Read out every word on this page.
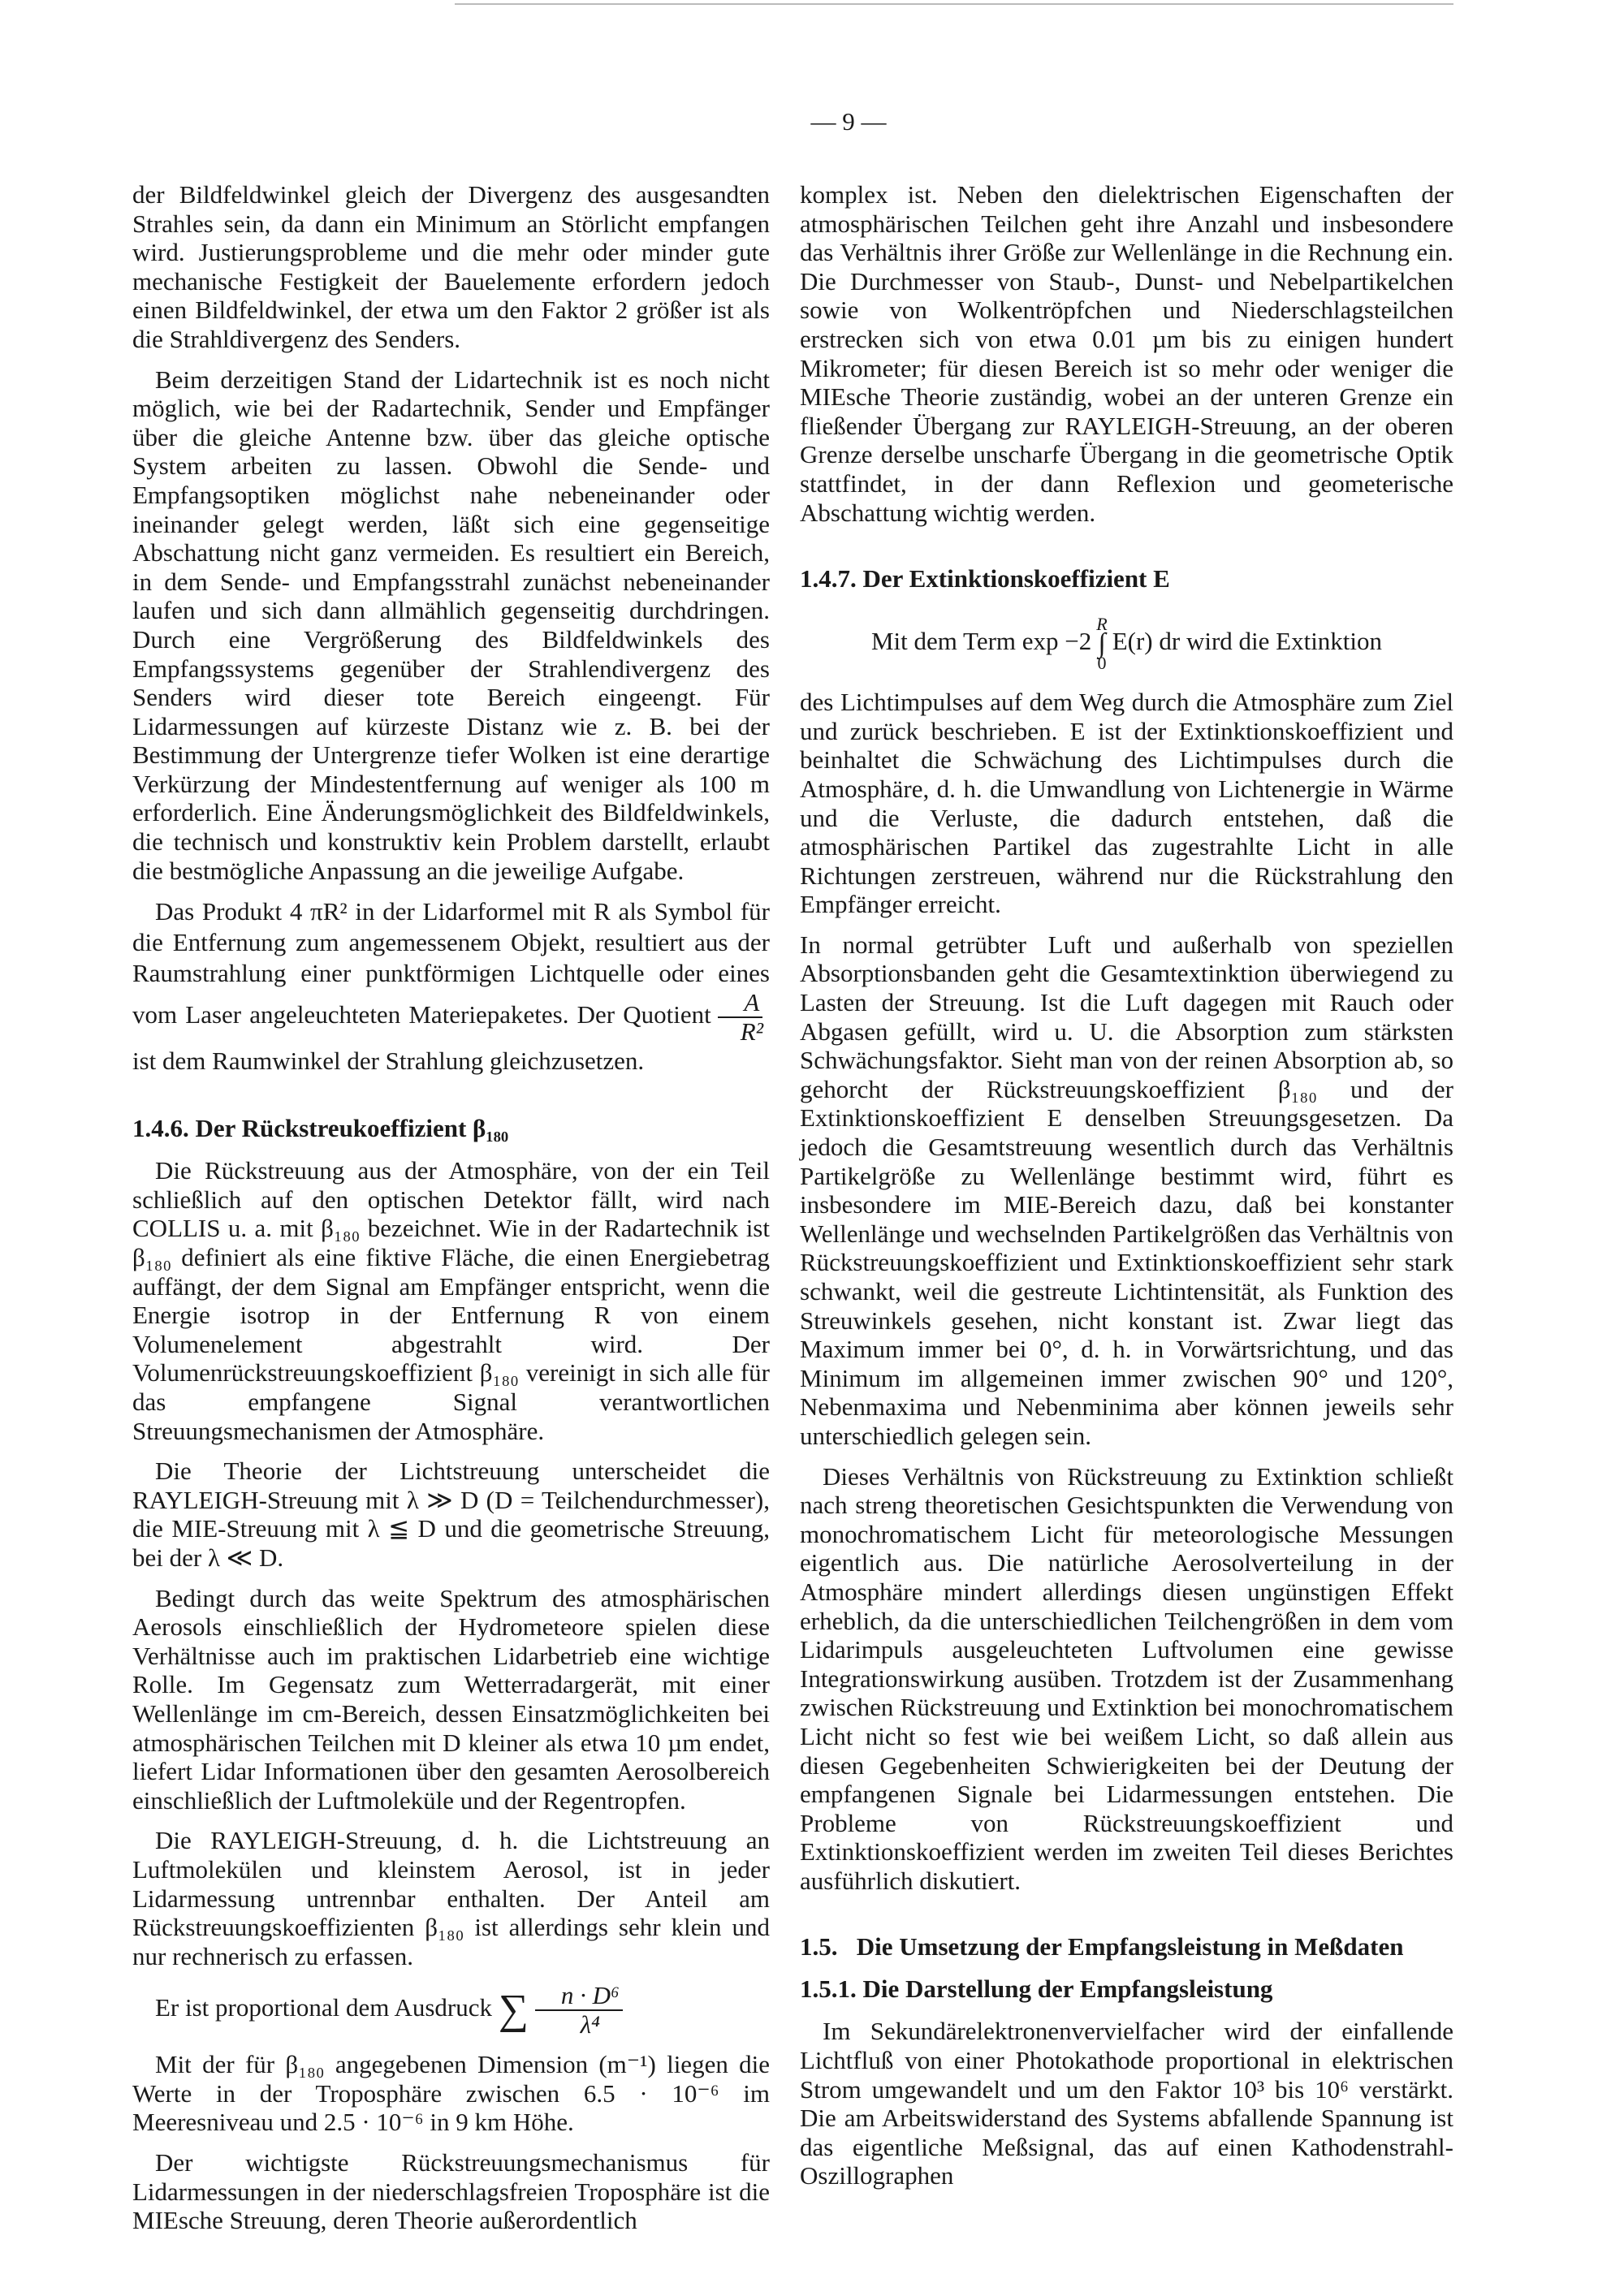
— 9 —

der Bildfeldwinkel gleich der Divergenz des ausgesandten Strahles sein, da dann ein Minimum an Störlicht empfangen wird. Justierungsprobleme und die mehr oder minder gute mechanische Festigkeit der Bauelemente erfordern jedoch einen Bildfeldwinkel, der etwa um den Faktor 2 größer ist als die Strahldivergenz des Senders.

Beim derzeitigen Stand der Lidartechnik ist es noch nicht möglich, wie bei der Radartechnik, Sender und Empfänger über die gleiche Antenne bzw. über das gleiche optische System arbeiten zu lassen. Obwohl die Sende- und Empfangsoptiken möglichst nahe nebeneinander oder ineinander gelegt werden, läßt sich eine gegenseitige Abschattung nicht ganz vermeiden. Es resultiert ein Bereich, in dem Sende- und Empfangsstrahl zunächst nebeneinander laufen und sich dann allmählich gegenseitig durchdringen. Durch eine Vergrößerung des Bildfeldwinkels des Empfangssystems gegenüber der Strahlendivergenz des Senders wird dieser tote Bereich eingeengt. Für Lidarmessungen auf kürzeste Distanz wie z. B. bei der Bestimmung der Untergrenze tiefer Wolken ist eine derartige Verkürzung der Mindestentfernung auf weniger als 100 m erforderlich. Eine Änderungsmöglichkeit des Bildfeldwinkels, die technisch und konstruktiv kein Problem darstellt, erlaubt die bestmögliche Anpassung an die jeweilige Aufgabe.

Das Produkt 4 πR² in der Lidarformel mit R als Symbol für die Entfernung zum angemessenem Objekt, resultiert aus der Raumstrahlung einer punktförmigen Lichtquelle oder eines vom Laser angeleuchteten Materiepaketes. Der Quotient $\frac{A}{\text{R²}}$
ist dem Raumwinkel der Strahlung gleichzusetzen.

1.4.6. Der Rückstreukoeffizient β₁₈₀

Die Rückstreuung aus der Atmosphäre, von der ein Teil schließlich auf den optischen Detektor fällt, wird nach COLLIS u. a. mit β₁₈₀ bezeichnet. Wie in der Radartechnik ist β₁₈₀ definiert als eine fiktive Fläche, die einen Energiebetrag auffängt, der dem Signal am Empfänger entspricht, wenn die Energie isotrop in der Entfernung R von einem Volumenelement abgestrahlt wird. Der Volumenrückstreuungskoeffizient β₁₈₀ vereinigt in sich alle für das empfangene Signal verantwortlichen Streuungsmechanismen der Atmosphäre.

Die Theorie der Lichtstreuung unterscheidet die RAYLEIGH-Streuung mit λ ≫ D (D = Teilchendurchmesser), die MIE-Streuung mit λ ≦ D und die geometrische Streuung, bei der λ ≪ D.

Bedingt durch das weite Spektrum des atmosphärischen Aerosols einschließlich der Hydrometeore spielen diese Verhältnisse auch im praktischen Lidarbetrieb eine wichtige Rolle. Im Gegensatz zum Wetterradargerät, mit einer Wellenlänge im cm-Bereich, dessen Einsatzmöglichkeiten bei atmosphärischen Teilchen mit D kleiner als etwa 10 µm endet, liefert Lidar Informationen über den gesamten Aerosolbereich einschließlich der Luftmoleküle und der Regentropfen.

Die RAYLEIGH-Streuung, d. h. die Lichtstreuung an Luftmolekülen und kleinstem Aerosol, ist in jeder Lidarmessung untrennbar enthalten. Der Anteil am Rückstreuungskoeffizienten β₁₈₀ ist allerdings sehr klein und nur rechnerisch zu erfassen.

Er ist proportional dem Ausdruck ∑ $\frac{\text{n · D⁶}}{\text{λ⁴}}$

Mit der für β₁₈₀ angegebenen Dimension (m⁻¹) liegen die Werte in der Troposphäre zwischen 6.5 · 10⁻⁶ im Meeresniveau und 2.5 · 10⁻⁶ in 9 km Höhe.

Der wichtigste Rückstreuungsmechanismus für Lidarmessungen in der niederschlagsfreien Troposphäre ist die MIEsche Streuung, deren Theorie außerordentlich

komplex ist. Neben den dielektrischen Eigenschaften der atmosphärischen Teilchen geht ihre Anzahl und insbesondere das Verhältnis ihrer Größe zur Wellenlänge in die Rechnung ein. Die Durchmesser von Staub-, Dunst- und Nebelpartikelchen sowie von Wolkentröpfchen und Niederschlagsteilchen erstrecken sich von etwa 0.01 µm bis zu einigen hundert Mikrometer; für diesen Bereich ist so mehr oder weniger die MIEsche Theorie zuständig, wobei an der unteren Grenze ein fließender Übergang zur RAYLEIGH-Streuung, an der oberen Grenze derselbe unscharfe Übergang in die geometrische Optik stattfindet, in der dann Reflexion und geometerische Abschattung wichtig werden.

1.4.7. Der Extinktionskoeffizient E

Mit dem Term exp −2
R
∫
0
E(r) dr wird die Extinktion

des Lichtimpulses auf dem Weg durch die Atmosphäre zum Ziel und zurück beschrieben. E ist der Extinktionskoeffizient und beinhaltet die Schwächung des Lichtimpulses durch die Atmosphäre, d. h. die Umwandlung von Lichtenergie in Wärme und die Verluste, die dadurch entstehen, daß die atmosphärischen Partikel das zugestrahlte Licht in alle Richtungen zerstreuen, während nur die Rückstrahlung den Empfänger erreicht.

In normal getrübter Luft und außerhalb von speziellen Absorptionsbanden geht die Gesamtextinktion überwiegend zu Lasten der Streuung. Ist die Luft dagegen mit Rauch oder Abgasen gefüllt, wird u. U. die Absorption zum stärksten Schwächungsfaktor. Sieht man von der reinen Absorption ab, so gehorcht der Rückstreuungskoeffizient β₁₈₀ und der Extinktionskoeffizient E denselben Streuungsgesetzen. Da jedoch die Gesamtstreuung wesentlich durch das Verhältnis Partikelgröße zu Wellenlänge bestimmt wird, führt es insbesondere im MIE-Bereich dazu, daß bei konstanter Wellenlänge und wechselnden Partikelgrößen das Verhältnis von Rückstreuungskoeffizient und Extinktionskoeffizient sehr stark schwankt, weil die gestreute Lichtintensität, als Funktion des Streuwinkels gesehen, nicht konstant ist. Zwar liegt das Maximum immer bei 0°, d. h. in Vorwärtsrichtung, und das Minimum im allgemeinen immer zwischen 90° und 120°, Nebenmaxima und Nebenminima aber können jeweils sehr unterschiedlich gelegen sein.

Dieses Verhältnis von Rückstreuung zu Extinktion schließt nach streng theoretischen Gesichtspunkten die Verwendung von monochromatischem Licht für meteorologische Messungen eigentlich aus. Die natürliche Aerosolverteilung in der Atmosphäre mindert allerdings diesen ungünstigen Effekt erheblich, da die unterschiedlichen Teilchengrößen in dem vom Lidarimpuls ausgeleuchteten Luftvolumen eine gewisse Integrationswirkung ausüben. Trotzdem ist der Zusammenhang zwischen Rückstreuung und Extinktion bei monochromatischem Licht nicht so fest wie bei weißem Licht, so daß allein aus diesen Gegebenheiten Schwierigkeiten bei der Deutung der empfangenen Signale bei Lidarmessungen entstehen. Die Probleme von Rückstreuungskoeffizient und Extinktionskoeffizient werden im zweiten Teil dieses Berichtes ausführlich diskutiert.

1.5.   Die Umsetzung der Empfangsleistung in Meßdaten
1.5.1. Die Darstellung der Empfangsleistung

Im Sekundärelektronenvervielfacher wird der einfallende Lichtfluß von einer Photokathode proportional in elektrischen Strom umgewandelt und um den Faktor 10³ bis 10⁶ verstärkt. Die am Arbeitswiderstand des Systems abfallende Spannung ist das eigentliche Meßsignal, das auf einen Kathodenstrahl-Oszillographen
